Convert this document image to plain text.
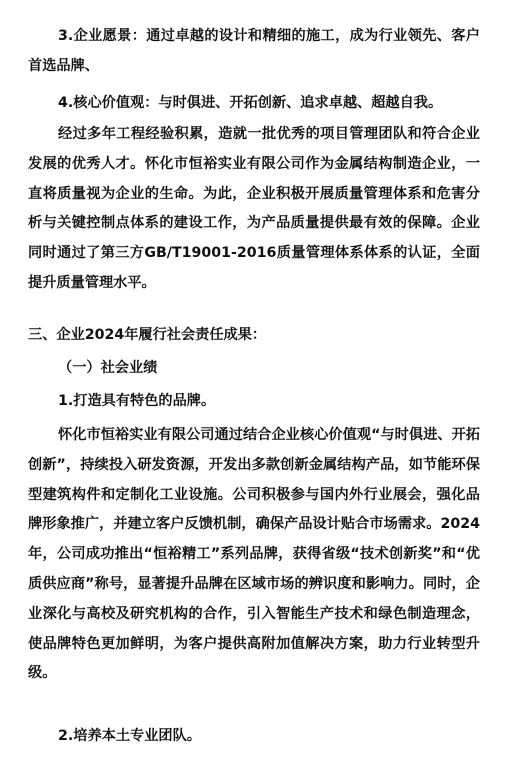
3.企业愿景：通过卓越的设计和精细的施工，成为行业领先、客户首选品牌、

4.核心价值观：与时俱进、开拓创新、追求卓越、超越自我。

经过多年工程经验积累，造就一批优秀的项目管理团队和符合企业发展的优秀人才。怀化市恒裕实业有限公司作为金属结构制造企业，一直将质量视为企业的生命。为此，企业积极开展质量管理体系和危害分析与关键控制点体系的建设工作，为产品质量提供最有效的保障。企业同时通过了第三方GB/T19001-2016质量管理体系体系的认证，全面提升质量管理水平。

三、企业2024年履行社会责任成果：

（一）社会业绩

1.打造具有特色的品牌。

怀化市恒裕实业有限公司通过结合企业核心价值观“与时俱进、开拓创新”，持续投入研发资源，开发出多款创新金属结构产品，如节能环保型建筑构件和定制化工业设施。公司积极参与国内外行业展会，强化品牌形象推广，并建立客户反馈机制，确保产品设计贴合市场需求。2024年，公司成功推出“恒裕精工”系列品牌，获得省级“技术创新奖”和“优质供应商”称号，显著提升品牌在区域市场的辨识度和影响力。同时，企业深化与高校及研究机构的合作，引入智能生产技术和绿色制造理念，使品牌特色更加鲜明，为客户提供高附加值解决方案，助力行业转型升级。

2.培养本土专业团队。
